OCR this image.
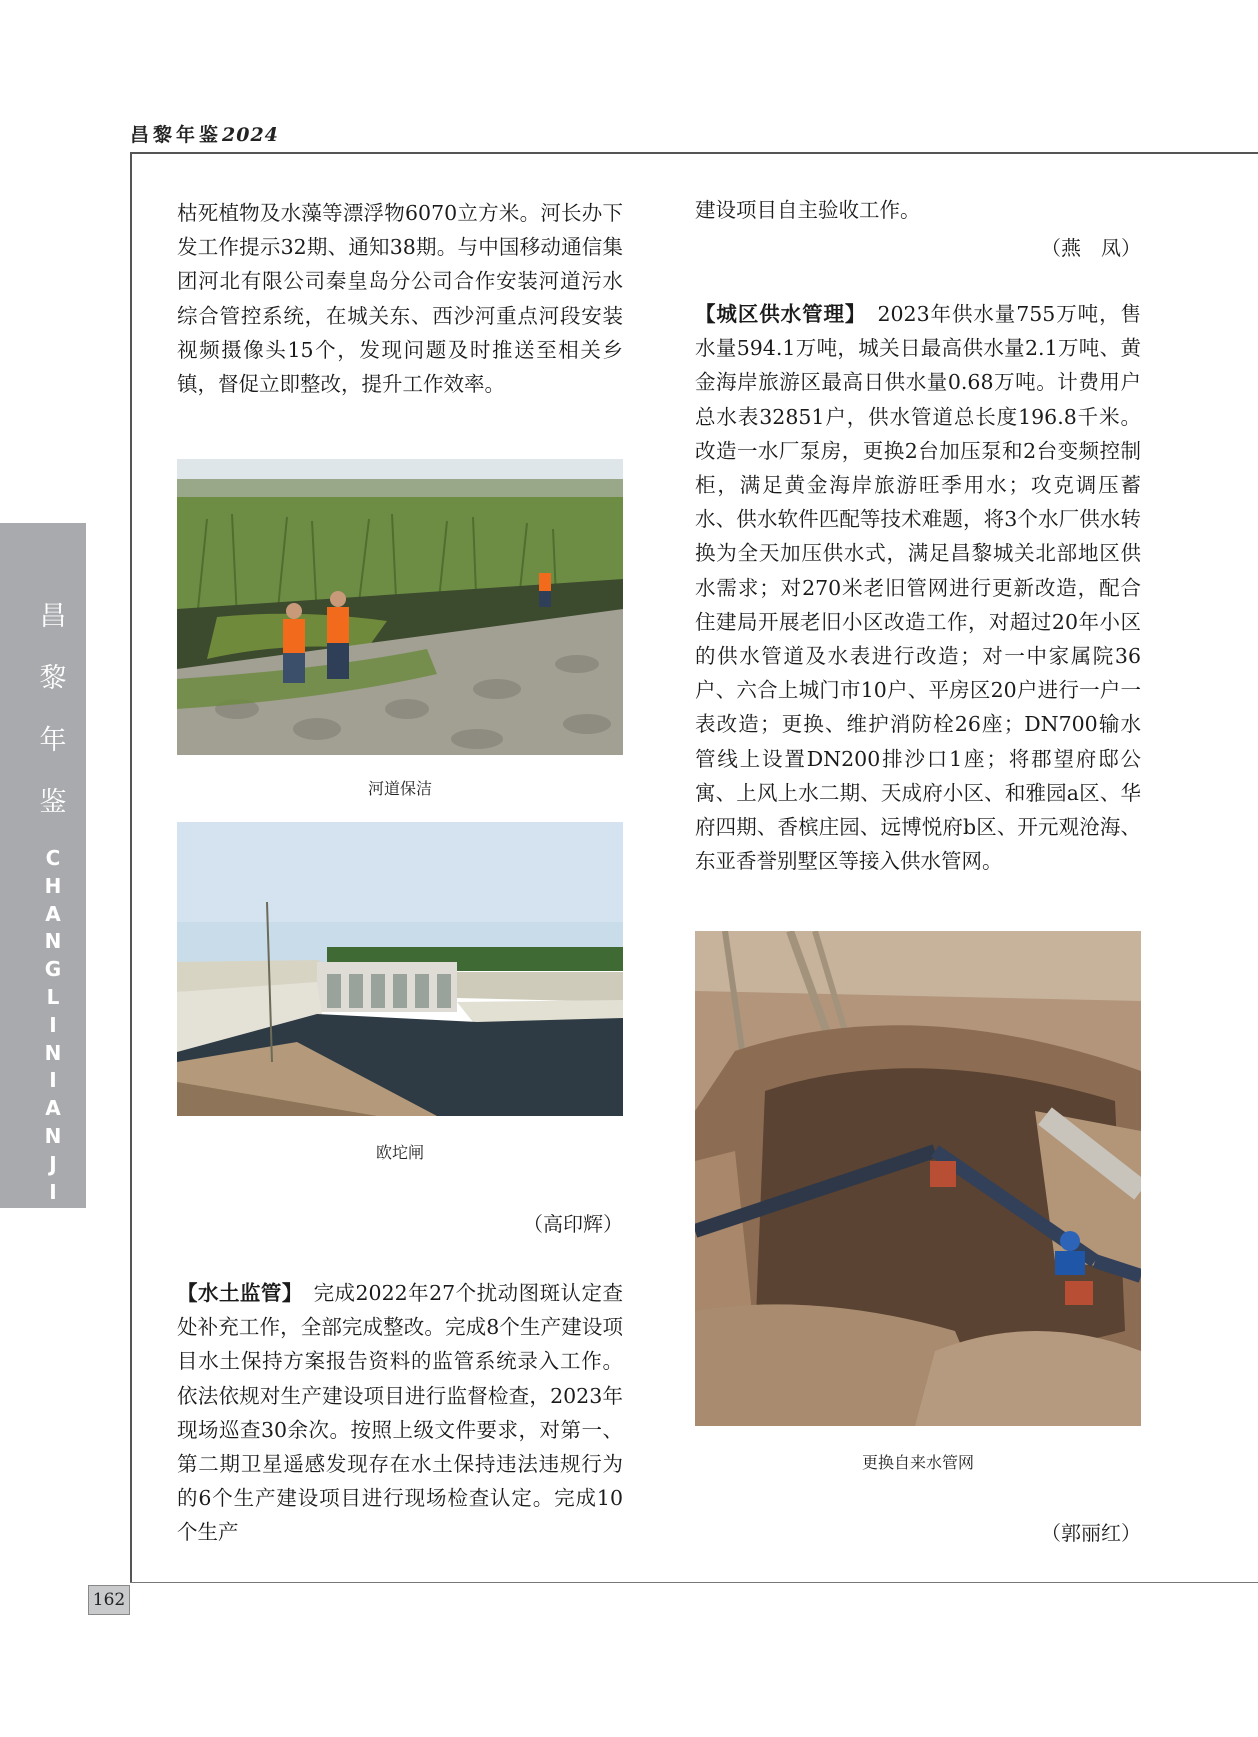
昌黎年鉴2024
昌
黎
年
鉴
C
H
A
N
G
L
I
N
I
A
N
J
I
A
N
162

枯死植物及水藻等漂浮物6070立方米。河长办下发工作提示32期、通知38期。与中国移动通信集团河北有限公司秦皇岛分公司合作安装河道污水综合管控系统，在城关东、西沙河重点河段安装视频摄像头15个，发现问题及时推送至相关乡镇，督促立即整改，提升工作效率。

河道保洁
欧坨闸

（高印辉）

【水土监管】　完成2022年27个扰动图斑认定查处补充工作，全部完成整改。完成8个生产建设项目水土保持方案报告资料的监管系统录入工作。依法依规对生产建设项目进行监督检查，2023年现场巡查30余次。按照上级文件要求，对第一、第二期卫星遥感发现存在水土保持违法违规行为的6个生产建设项目进行现场检查认定。完成10个生产

建设项目自主验收工作。

（燕　凤）

【城区供水管理】　2023年供水量755万吨，售水量594.1万吨，城关日最高供水量2.1万吨、黄金海岸旅游区最高日供水量0.68万吨。计费用户总水表32851户，供水管道总长度196.8千米。改造一水厂泵房，更换2台加压泵和2台变频控制柜，满足黄金海岸旅游旺季用水；攻克调压蓄水、供水软件匹配等技术难题，将3个水厂供水转换为全天加压供水式，满足昌黎城关北部地区供水需求；对270米老旧管网进行更新改造，配合住建局开展老旧小区改造工作，对超过20年小区的供水管道及水表进行改造；对一中家属院36户、六合上城门市10户、平房区20户进行一户一表改造；更换、维护消防栓26座；DN700输水管线上设置DN200排沙口1座；将郡望府邸公寓、上风上水二期、天成府小区、和雅园a区、华府四期、香槟庄园、远博悦府b区、开元观沧海、东亚香誉别墅区等接入供水管网。

更换自来水管网

（郭丽红）
